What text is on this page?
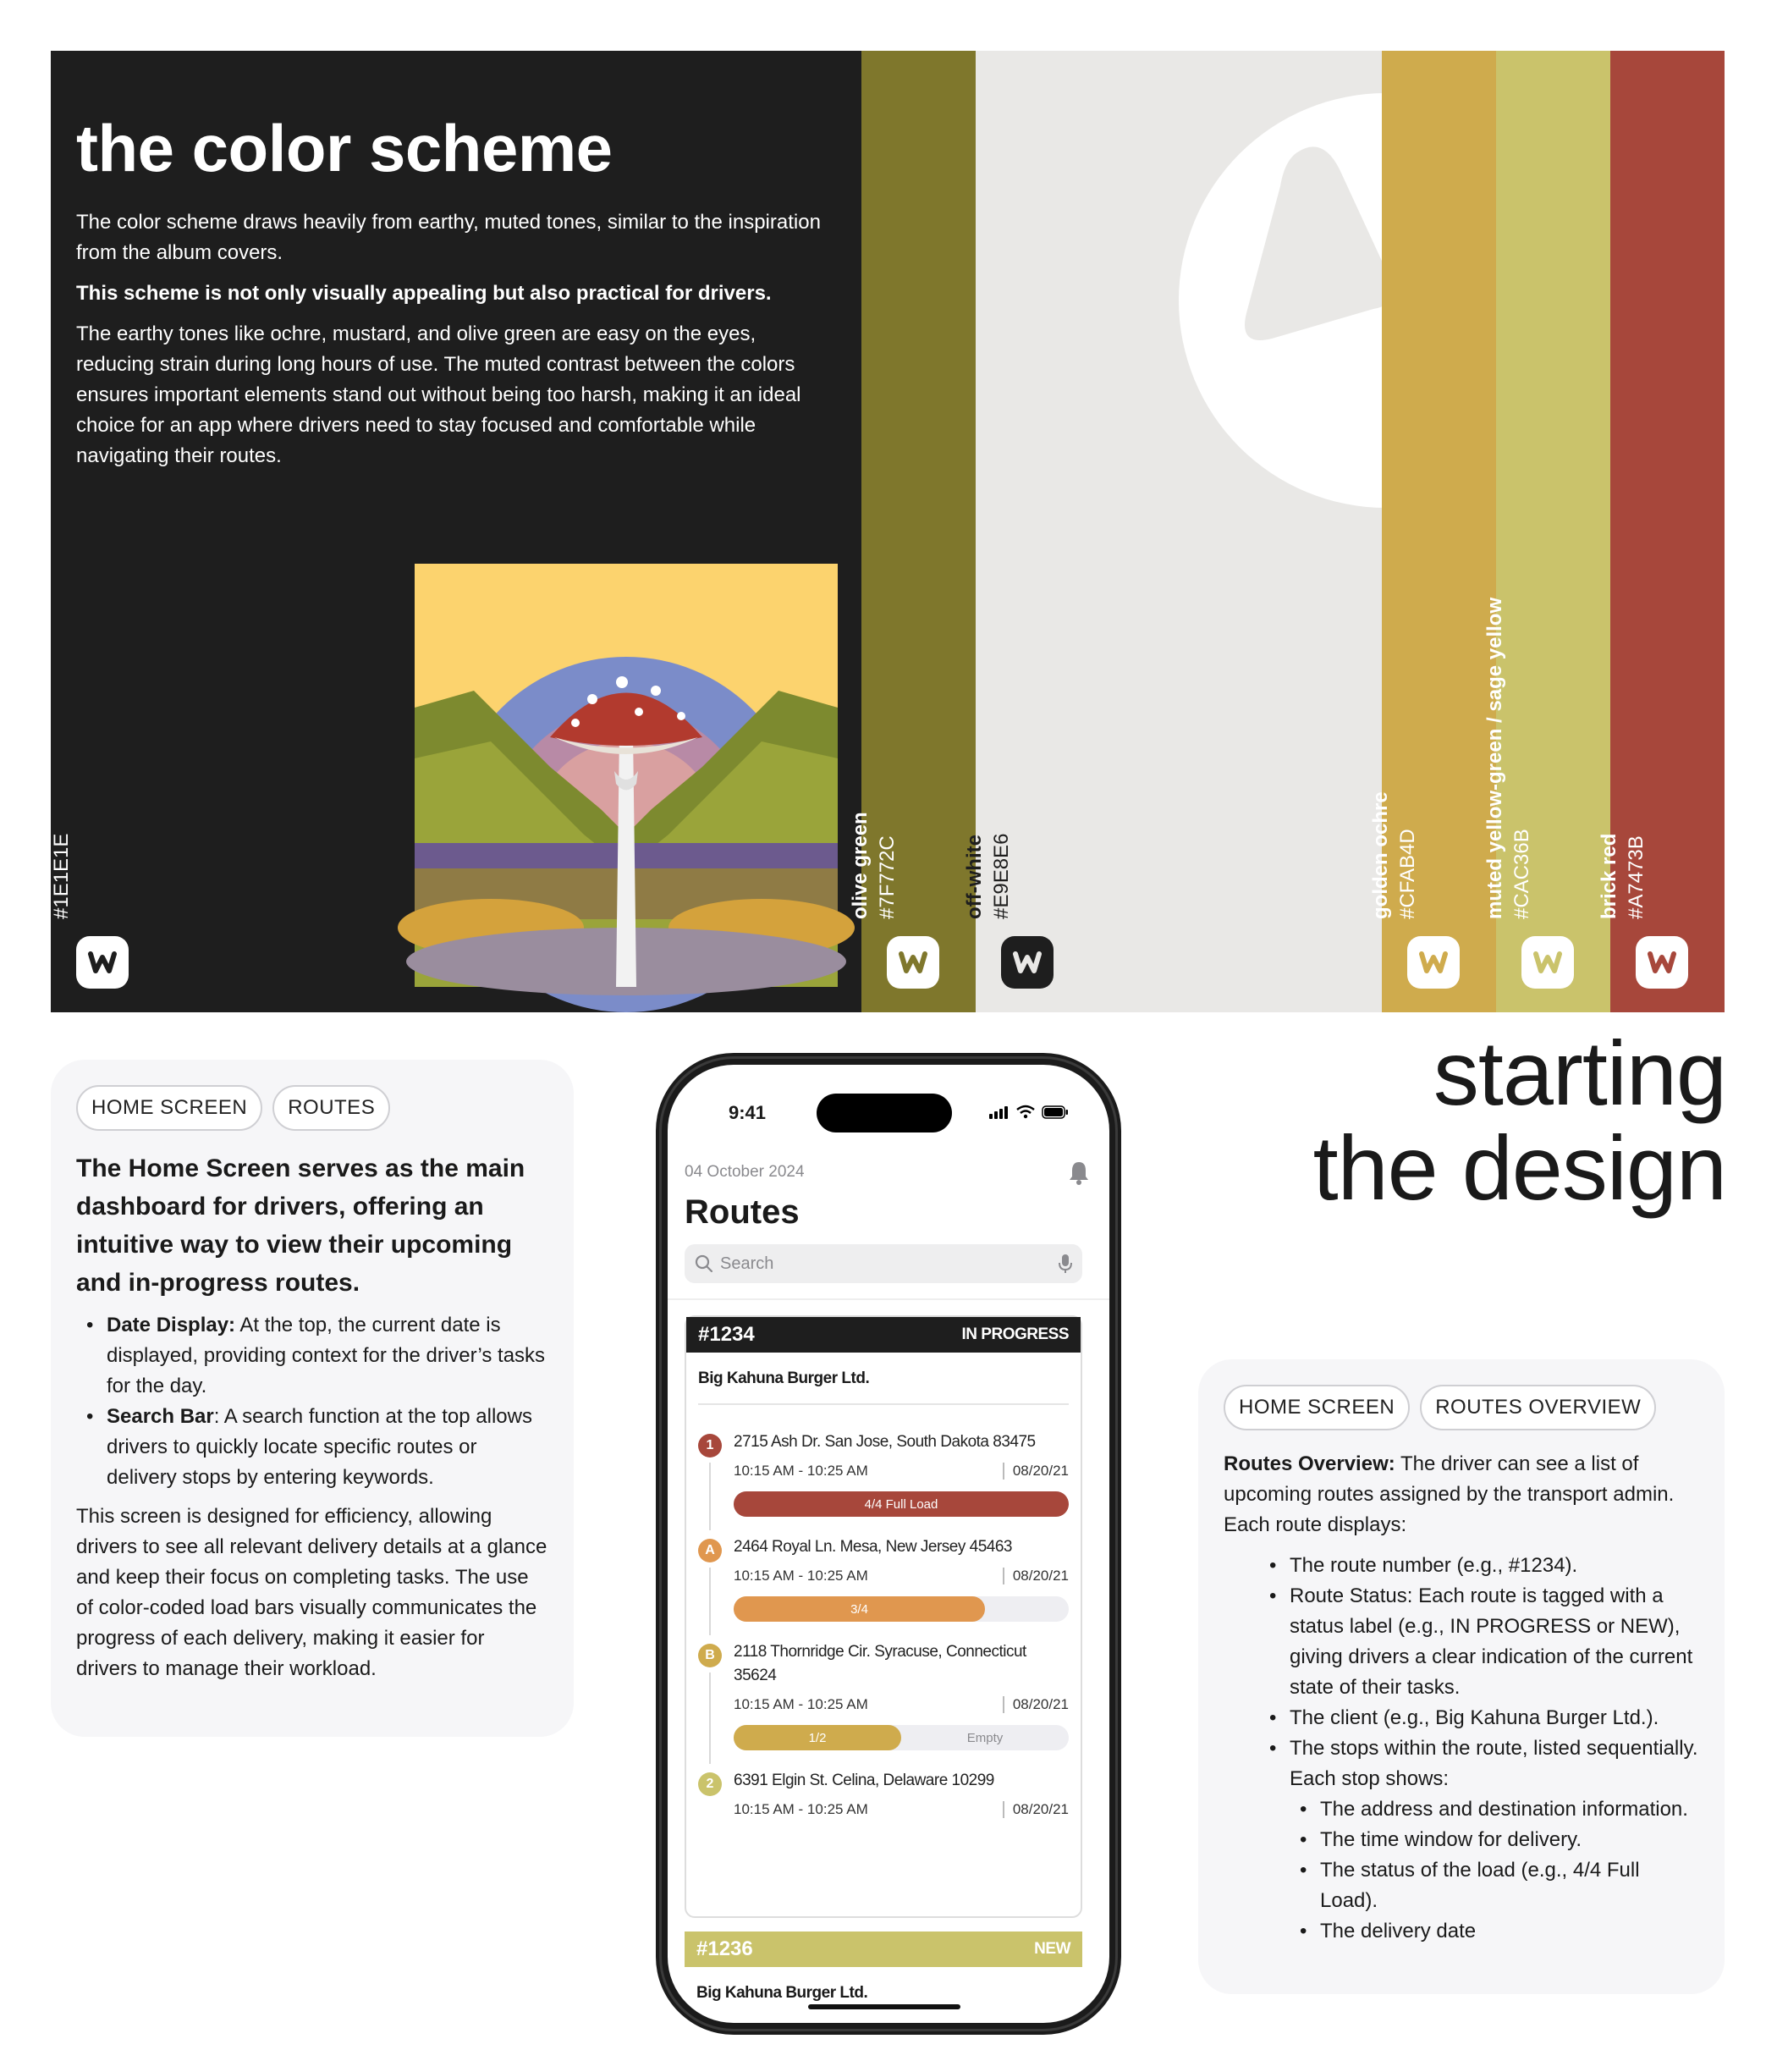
the color scheme

The color scheme draws heavily from earthy, muted tones, similar to the inspiration from the album covers.

This scheme is not only visually appealing but also practical for drivers.

The earthy tones like ochre, mustard, and olive green are easy on the eyes, reducing strain during long hours of use. The muted contrast between the colors ensures important elements stand out without being too harsh, making it an ideal choice for an app where drivers need to stay focused and comfortable while navigating their routes.

charcoal black #1E1E1E	olive green #7F772C	off-white #E9E8E6	golden ochre #CFAB4D	muted yellow-green / sage yellow #CAC36B	brick red #A7473B
HOME SCREEN	ROUTES

The Home Screen serves as the main dashboard for drivers, offering an intuitive way to view their upcoming and in-progress routes.

• Date Display: At the top, the current date is displayed, providing context for the driver’s tasks for the day.
• Search Bar: A search function at the top allows drivers to quickly locate specific routes or delivery stops by entering keywords.

This screen is designed for efficiency, allowing drivers to see all relevant delivery details at a glance and keep their focus on completing tasks. The use of color-coded load bars visually communicates the progress of each delivery, making it easier for drivers to manage their workload.

starting
the design
9:41
04 October 2024
Routes
Search
#1234	IN PROGRESS
Big Kahuna Burger Ltd.
1	2715 Ash Dr. San Jose, South Dakota 83475
10:15 AM - 10:25 AM	08/20/21
4/4 Full Load
A	2464 Royal Ln. Mesa, New Jersey 45463
10:15 AM - 10:25 AM	08/20/21
3/4
B	2118 Thornridge Cir. Syracuse, Connecticut 35624
10:15 AM - 10:25 AM	08/20/21
1/2	Empty
2	6391 Elgin St. Celina, Delaware 10299
10:15 AM - 10:25 AM	08/20/21
#1236	NEW
Big Kahuna Burger Ltd.
HOME SCREEN	ROUTES OVERVIEW

Routes Overview: The driver can see a list of upcoming routes assigned by the transport admin. Each route displays:

• The route number (e.g., #1234).
• Route Status: Each route is tagged with a status label (e.g., IN PROGRESS or NEW), giving drivers a clear indication of the current state of their tasks.
• The client (e.g., Big Kahuna Burger Ltd.).
• The stops within the route, listed sequentially. Each stop shows:
• The address and destination information.
• The time window for delivery.
• The status of the load (e.g., 4/4 Full Load).
• The delivery date
